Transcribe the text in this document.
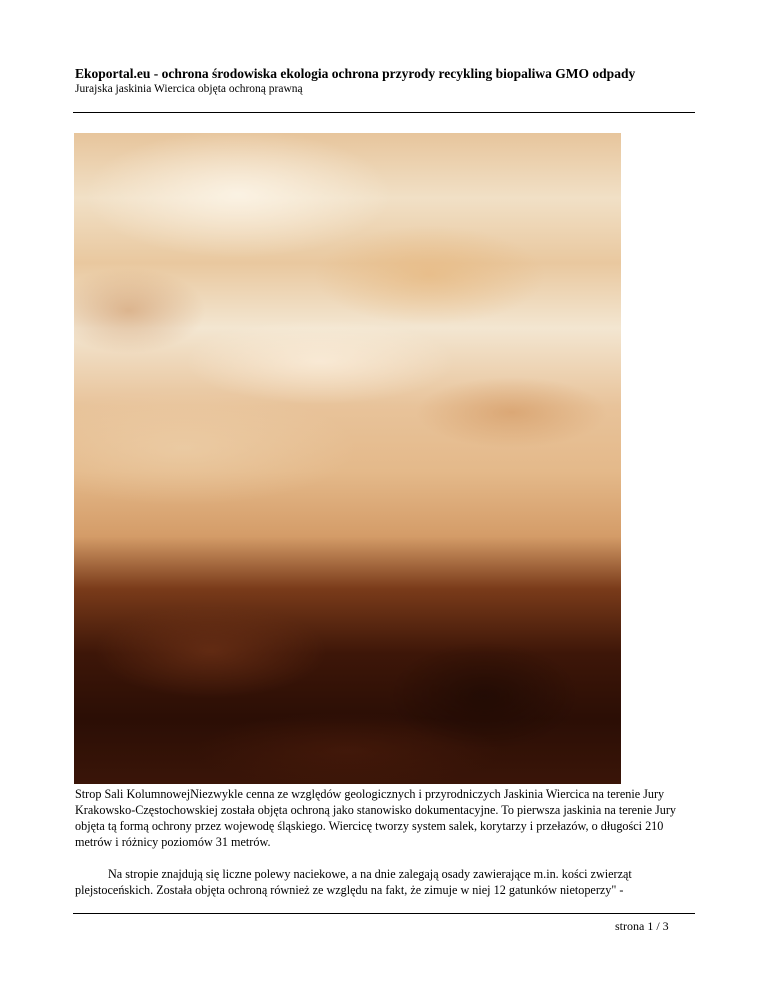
Ekoportal.eu - ochrona środowiska ekologia ochrona przyrody recykling biopaliwa GMO odpady
Jurajska jaskinia Wiercica objęta ochroną prawną

Strop Sali KolumnowejNiezwykle cenna ze względów geologicznych i przyrodniczych Jaskinia Wiercica na terenie Jury Krakowsko-Częstochowskiej została objęta ochroną jako stanowisko dokumentacyjne. To pierwsza jaskinia na terenie Jury objęta tą formą ochrony przez wojewodę śląskiego. Wiercicę tworzy system salek, korytarzy i przełazów, o długości 210 metrów i różnicy poziomów 31 metrów.

Na stropie znajdują się liczne polewy naciekowe, a na dnie zalegają osady zawierające m.in. kości zwierząt plejstoceńskich. Została objęta ochroną również ze względu na fakt, że zimuje w niej 12 gatunków nietoperzy" -

strona 1 / 3
